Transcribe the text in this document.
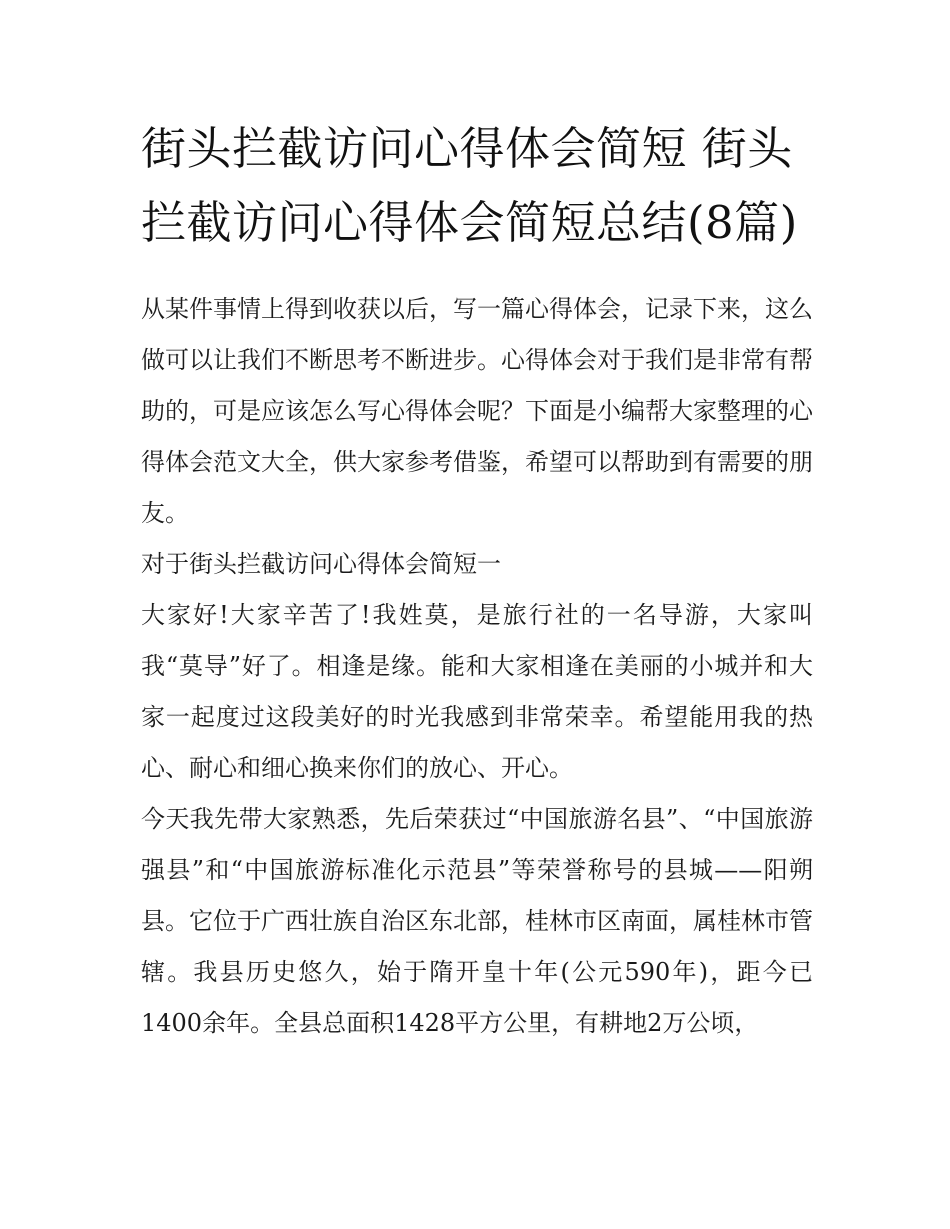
街头拦截访问心得体会简短 街头拦截访问心得体会简短总结(8篇)

从某件事情上得到收获以后，写一篇心得体会，记录下来，这么做可以让我们不断思考不断进步。心得体会对于我们是非常有帮助的，可是应该怎么写心得体会呢？下面是小编帮大家整理的心得体会范文大全，供大家参考借鉴，希望可以帮助到有需要的朋友。

对于街头拦截访问心得体会简短一

大家好!大家辛苦了!我姓莫，是旅行社的一名导游，大家叫我“莫导”好了。相逢是缘。能和大家相逢在美丽的小城并和大家一起度过这段美好的时光我感到非常荣幸。希望能用我的热心、耐心和细心换来你们的放心、开心。

今天我先带大家熟悉，先后荣获过“中国旅游名县”、“中国旅游强县”和“中国旅游标准化示范县”等荣誉称号的县城——阳朔县。它位于广西壮族自治区东北部，桂林市区南面，属桂林市管辖。我县历史悠久，始于隋开皇十年(公元590年)，距今已1400余年。全县总面积1428平方公里，有耕地2万公顷，
